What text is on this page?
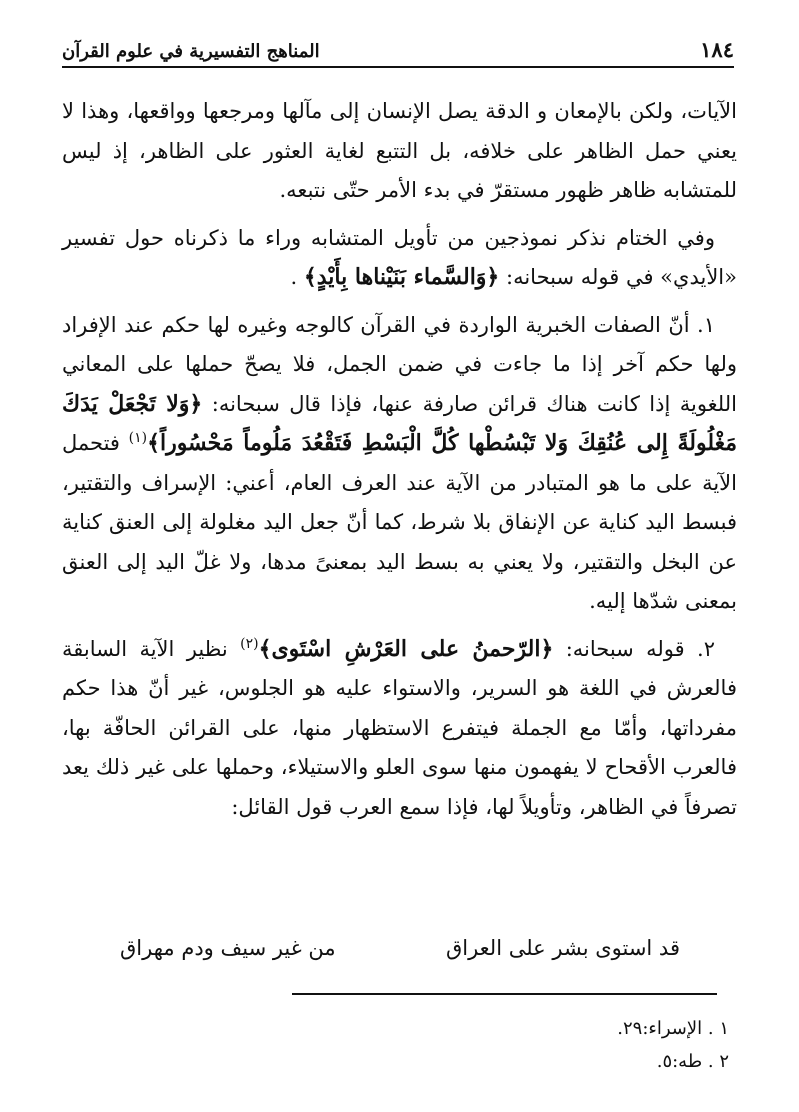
١٨٤
المناهج التفسيرية في علوم القرآن

الآيات، ولكن بالإمعان و الدقة يصل الإنسان إلى مآلها ومرجعها وواقعها، وهذا لا يعني حمل الظاهر على خلافه، بل التتبع لغاية العثور على الظاهر، إذ ليس للمتشابه ظاهر ظهور مستقرّ في بدء الأمر حتّى نتبعه.

وفي الختام نذكر نموذجين من تأويل المتشابه وراء ما ذكرناه حول تفسير «الأيدي» في قوله سبحانه: ﴿وَالسَّماء بَنَيْناها بِأَيْدٍ﴾ .

١. أنّ الصفات الخبرية الواردة في القرآن كالوجه وغيره لها حكم عند الإفراد ولها حكم آخر إذا ما جاءت في ضمن الجمل، فلا يصحّ حملها على المعاني اللغوية إذا كانت هناك قرائن صارفة عنها، فإذا قال سبحانه: ﴿وَلا تَجْعَلْ يَدَكَ مَغْلُولَةً إِلى عُنُقِكَ وَلا تَبْسُطْها كُلَّ الْبَسْطِ فَتَقْعُدَ مَلُوماً مَحْسُوراً﴾$^{(١)}$ فتحمل الآية على ما هو المتبادر من الآية عند العرف العام، أعني: الإسراف والتقتير، فبسط اليد كناية عن الإنفاق بلا شرط، كما أنّ جعل اليد مغلولة إلى العنق كناية عن البخل والتقتير، ولا يعني به بسط اليد بمعنىً مدها، ولا غلّ اليد إلى العنق بمعنى شدّها إليه.

٢. قوله سبحانه: ﴿الرّحمنُ على العَرْشِ اسْتَوى﴾$^{(٢)}$ نظير الآية السابقة فالعرش في اللغة هو السرير، والاستواء عليه هو الجلوس، غير أنّ هذا حكم مفرداتها، وأمّا مع الجملة فيتفرع الاستظهار منها، على القرائن الحافّة بها، فالعرب الأقحاح لا يفهمون منها سوى العلو والاستيلاء، وحملها على غير ذلك يعد تصرفاً في الظاهر، وتأويلاً لها، فإذا سمع العرب قول القائل:

قد استوى بشر على العراق
من غير سيف ودم مهراق
١ . الإسراء:٢٩.
٢ . طه:٥.
